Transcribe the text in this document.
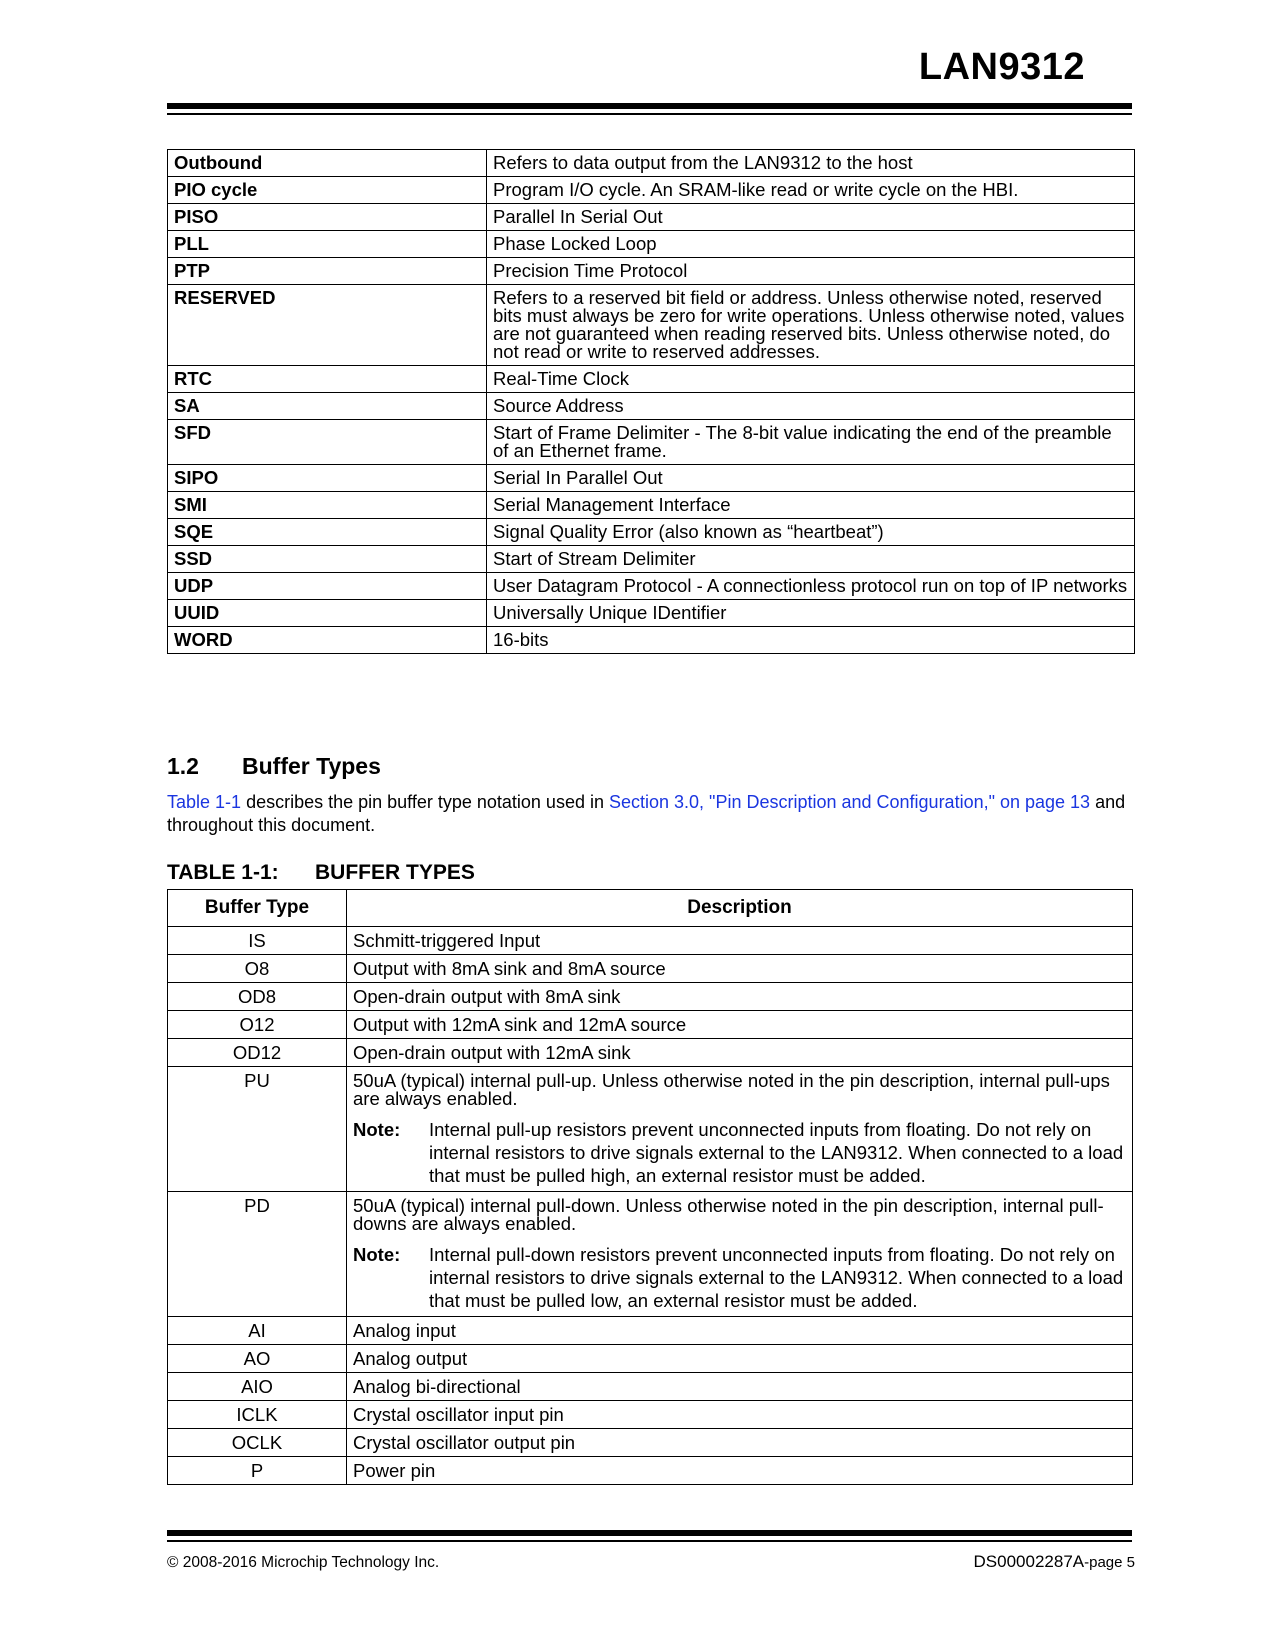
LAN9312
Outbound	Refers to data output from the LAN9312 to the host
PIO cycle	Program I/O cycle. An SRAM-like read or write cycle on the HBI.
PISO	Parallel In Serial Out
PLL	Phase Locked Loop
PTP	Precision Time Protocol
RESERVED	Refers to a reserved bit field or address. Unless otherwise noted, reserved bits must always be zero for write operations. Unless otherwise noted, values are not guaranteed when reading reserved bits. Unless otherwise noted, do not read or write to reserved addresses.
RTC	Real-Time Clock
SA	Source Address
SFD	Start of Frame Delimiter - The 8-bit value indicating the end of the preamble of an Ethernet frame.
SIPO	Serial In Parallel Out
SMI	Serial Management Interface
SQE	Signal Quality Error (also known as “heartbeat”)
SSD	Start of Stream Delimiter
UDP	User Datagram Protocol - A connectionless protocol run on top of IP networks
UUID	Universally Unique IDentifier
WORD	16-bits
1.2 Buffer Types
Table 1-1 describes the pin buffer type notation used in Section 3.0, "Pin Description and Configuration," on page 13 and throughout this document.
TABLE 1-1: BUFFER TYPES
Buffer Type	Description
IS	Schmitt-triggered Input

O8	Output with 8mA sink and 8mA source

OD8	Open-drain output with 8mA sink

O12	Output with 12mA sink and 12mA source

OD12	Open-drain output with 12mA sink

PU	50uA (typical) internal pull-up. Unless otherwise noted in the pin description, internal pull-ups are always enabled.
Note: Internal pull-up resistors prevent unconnected inputs from floating. Do not rely on internal resistors to drive signals external to the LAN9312. When connected to a load that must be pulled high, an external resistor must be added.

PD	50uA (typical) internal pull-down. Unless otherwise noted in the pin description, internal pull-downs are always enabled.
Note: Internal pull-down resistors prevent unconnected inputs from floating. Do not rely on internal resistors to drive signals external to the LAN9312. When connected to a load that must be pulled low, an external resistor must be added.

AI	Analog input

AO	Analog output

AIO	Analog bi-directional

ICLK	Crystal oscillator input pin

OCLK	Crystal oscillator output pin

P	Power pin
© 2008-2016 Microchip Technology Inc.	DS00002287A-page 5
